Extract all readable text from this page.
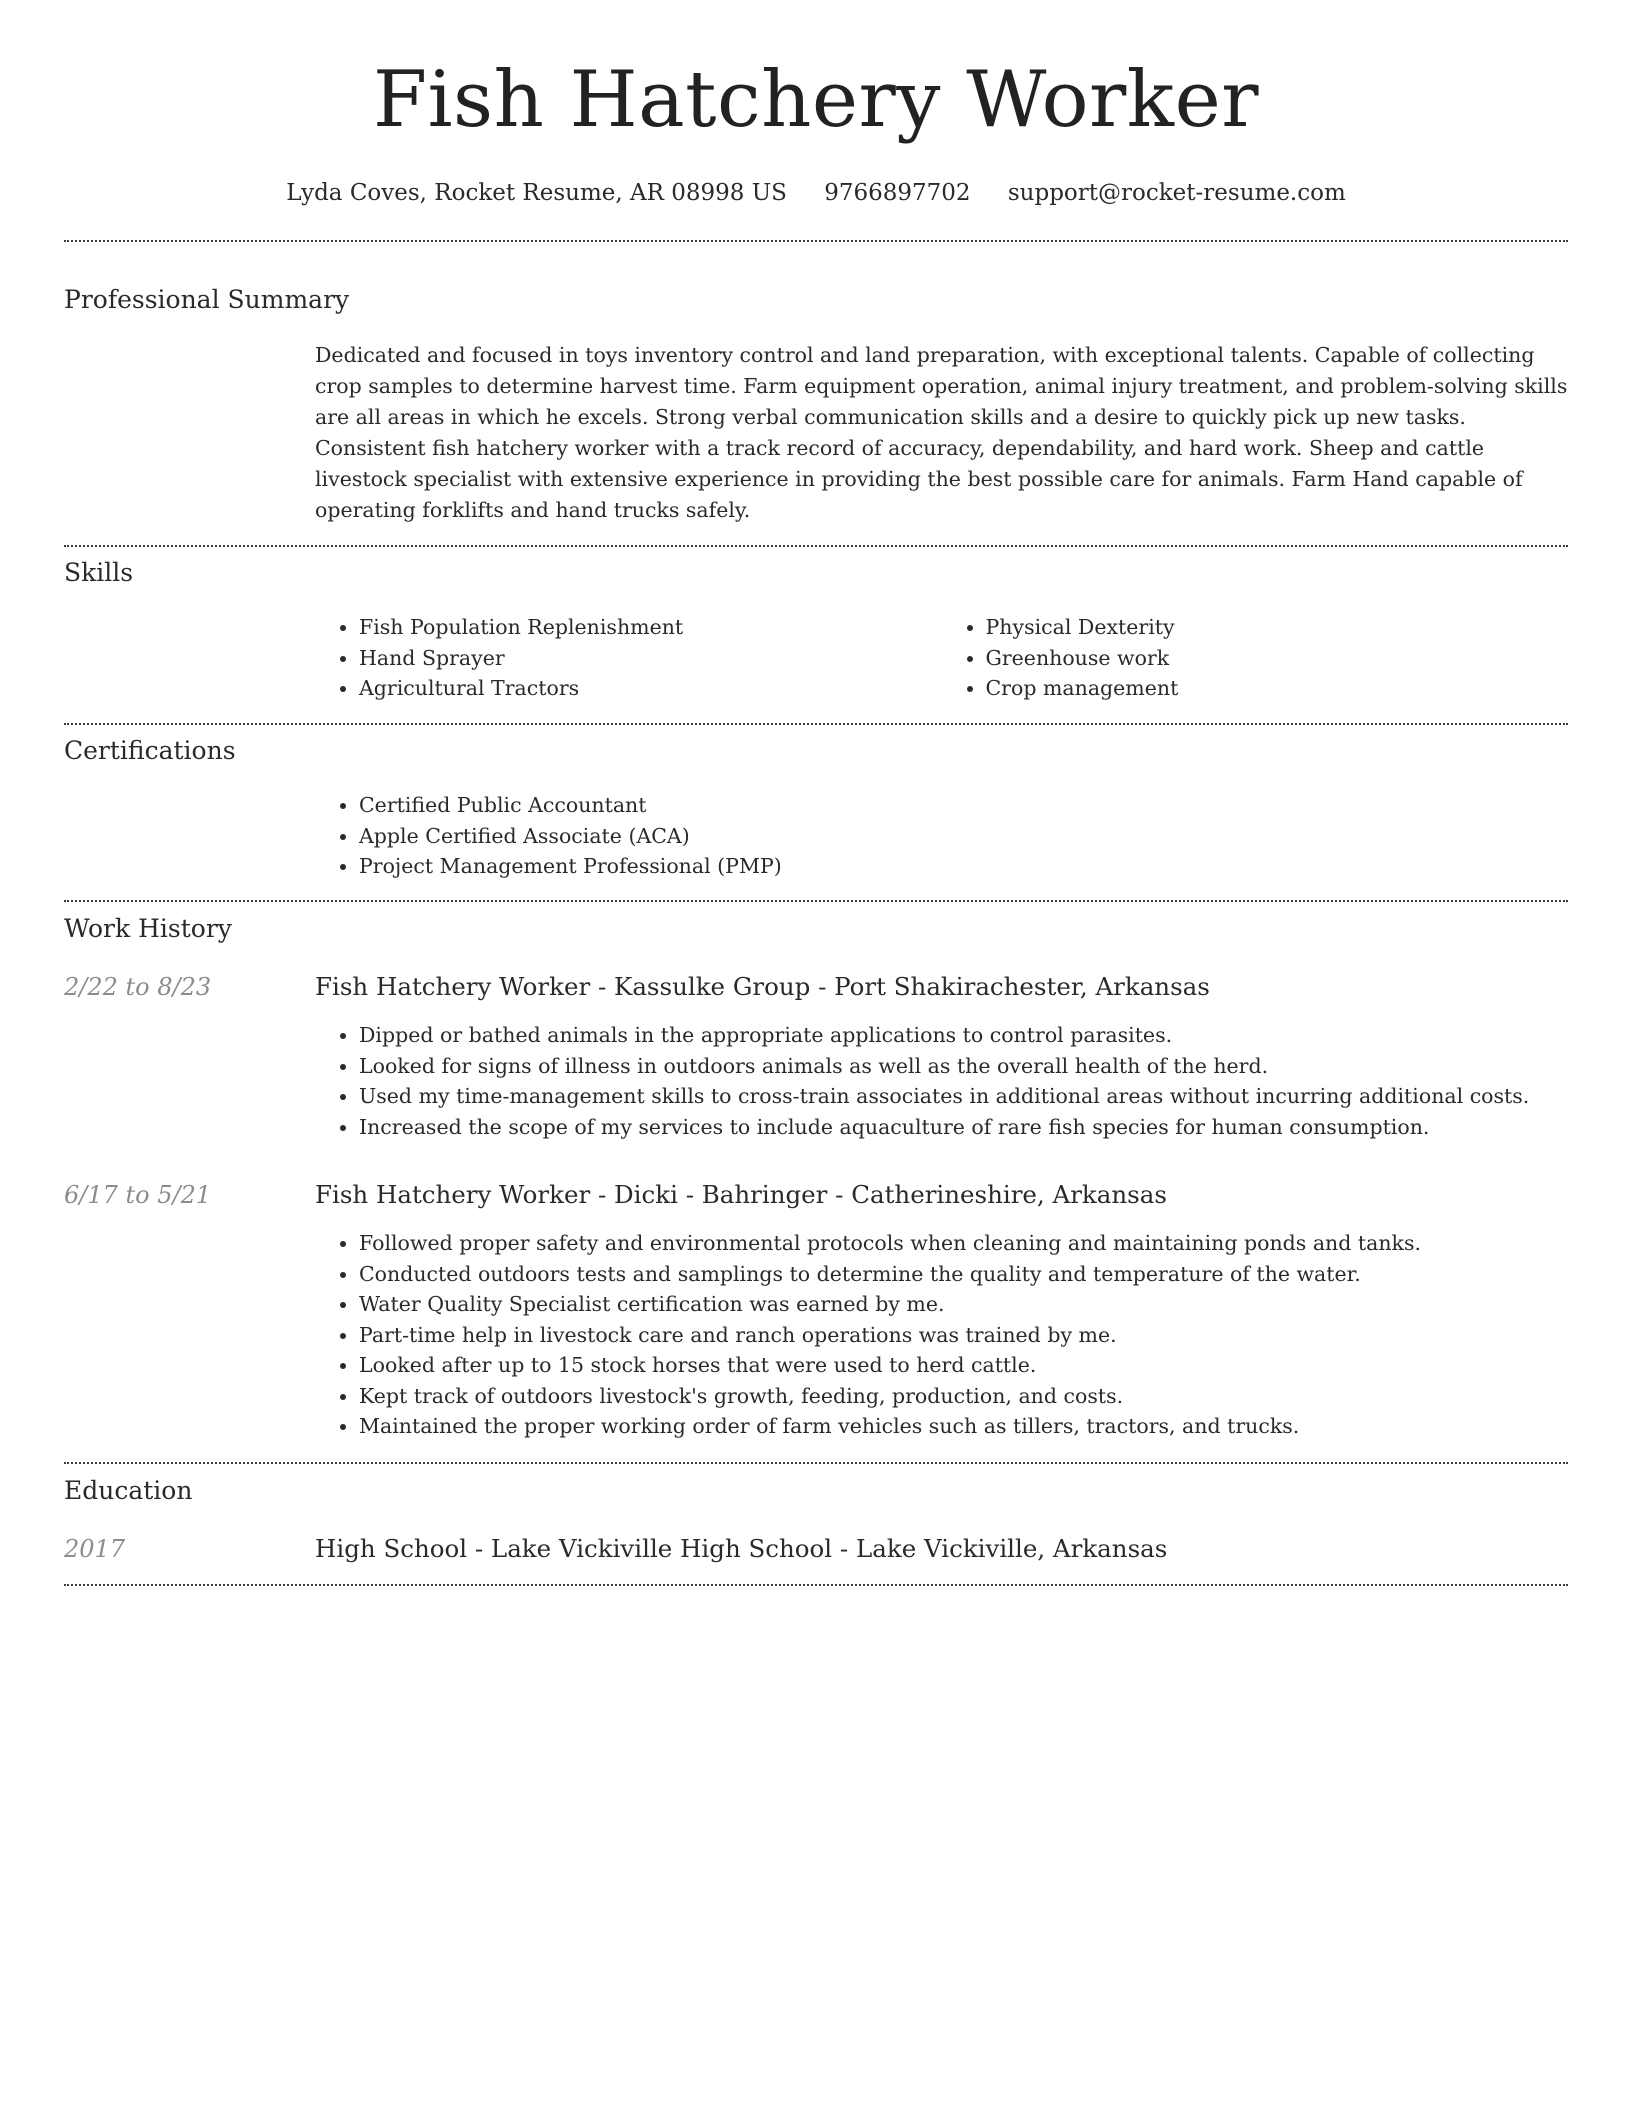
Fish Hatchery Worker
Lyda Coves, Rocket Resume, AR 08998 US 9766897702 support@rocket-resume.com
Professional Summary

Dedicated and focused in toys inventory control and land preparation, with exceptional talents. Capable of collecting crop samples to determine harvest time. Farm equipment operation, animal injury treatment, and problem-solving skills are all areas in which he excels. Strong verbal communication skills and a desire to quickly pick up new tasks. Consistent fish hatchery worker with a track record of accuracy, dependability, and hard work. Sheep and cattle livestock specialist with extensive experience in providing the best possible care for animals. Farm Hand capable of operating forklifts and hand trucks safely.

Skills
• Fish Population Replenishment
• Hand Sprayer
• Agricultural Tractors
• Physical Dexterity
• Greenhouse work
• Crop management
Certifications
• Certified Public Accountant
• Apple Certified Associate (ACA)
• Project Management Professional (PMP)
Work History
2/22 to 8/23	Fish Hatchery Worker - Kassulke Group - Port Shakirachester, Arkansas
• Dipped or bathed animals in the appropriate applications to control parasites.
• Looked for signs of illness in outdoors animals as well as the overall health of the herd.
• Used my time-management skills to cross-train associates in additional areas without incurring additional costs.
• Increased the scope of my services to include aquaculture of rare fish species for human consumption.
6/17 to 5/21	Fish Hatchery Worker - Dicki - Bahringer - Catherineshire, Arkansas
• Followed proper safety and environmental protocols when cleaning and maintaining ponds and tanks.
• Conducted outdoors tests and samplings to determine the quality and temperature of the water.
• Water Quality Specialist certification was earned by me.
• Part-time help in livestock care and ranch operations was trained by me.
• Looked after up to 15 stock horses that were used to herd cattle.
• Kept track of outdoors livestock's growth, feeding, production, and costs.
• Maintained the proper working order of farm vehicles such as tillers, tractors, and trucks.
Education
2017	High School - Lake Vickiville High School - Lake Vickiville, Arkansas
